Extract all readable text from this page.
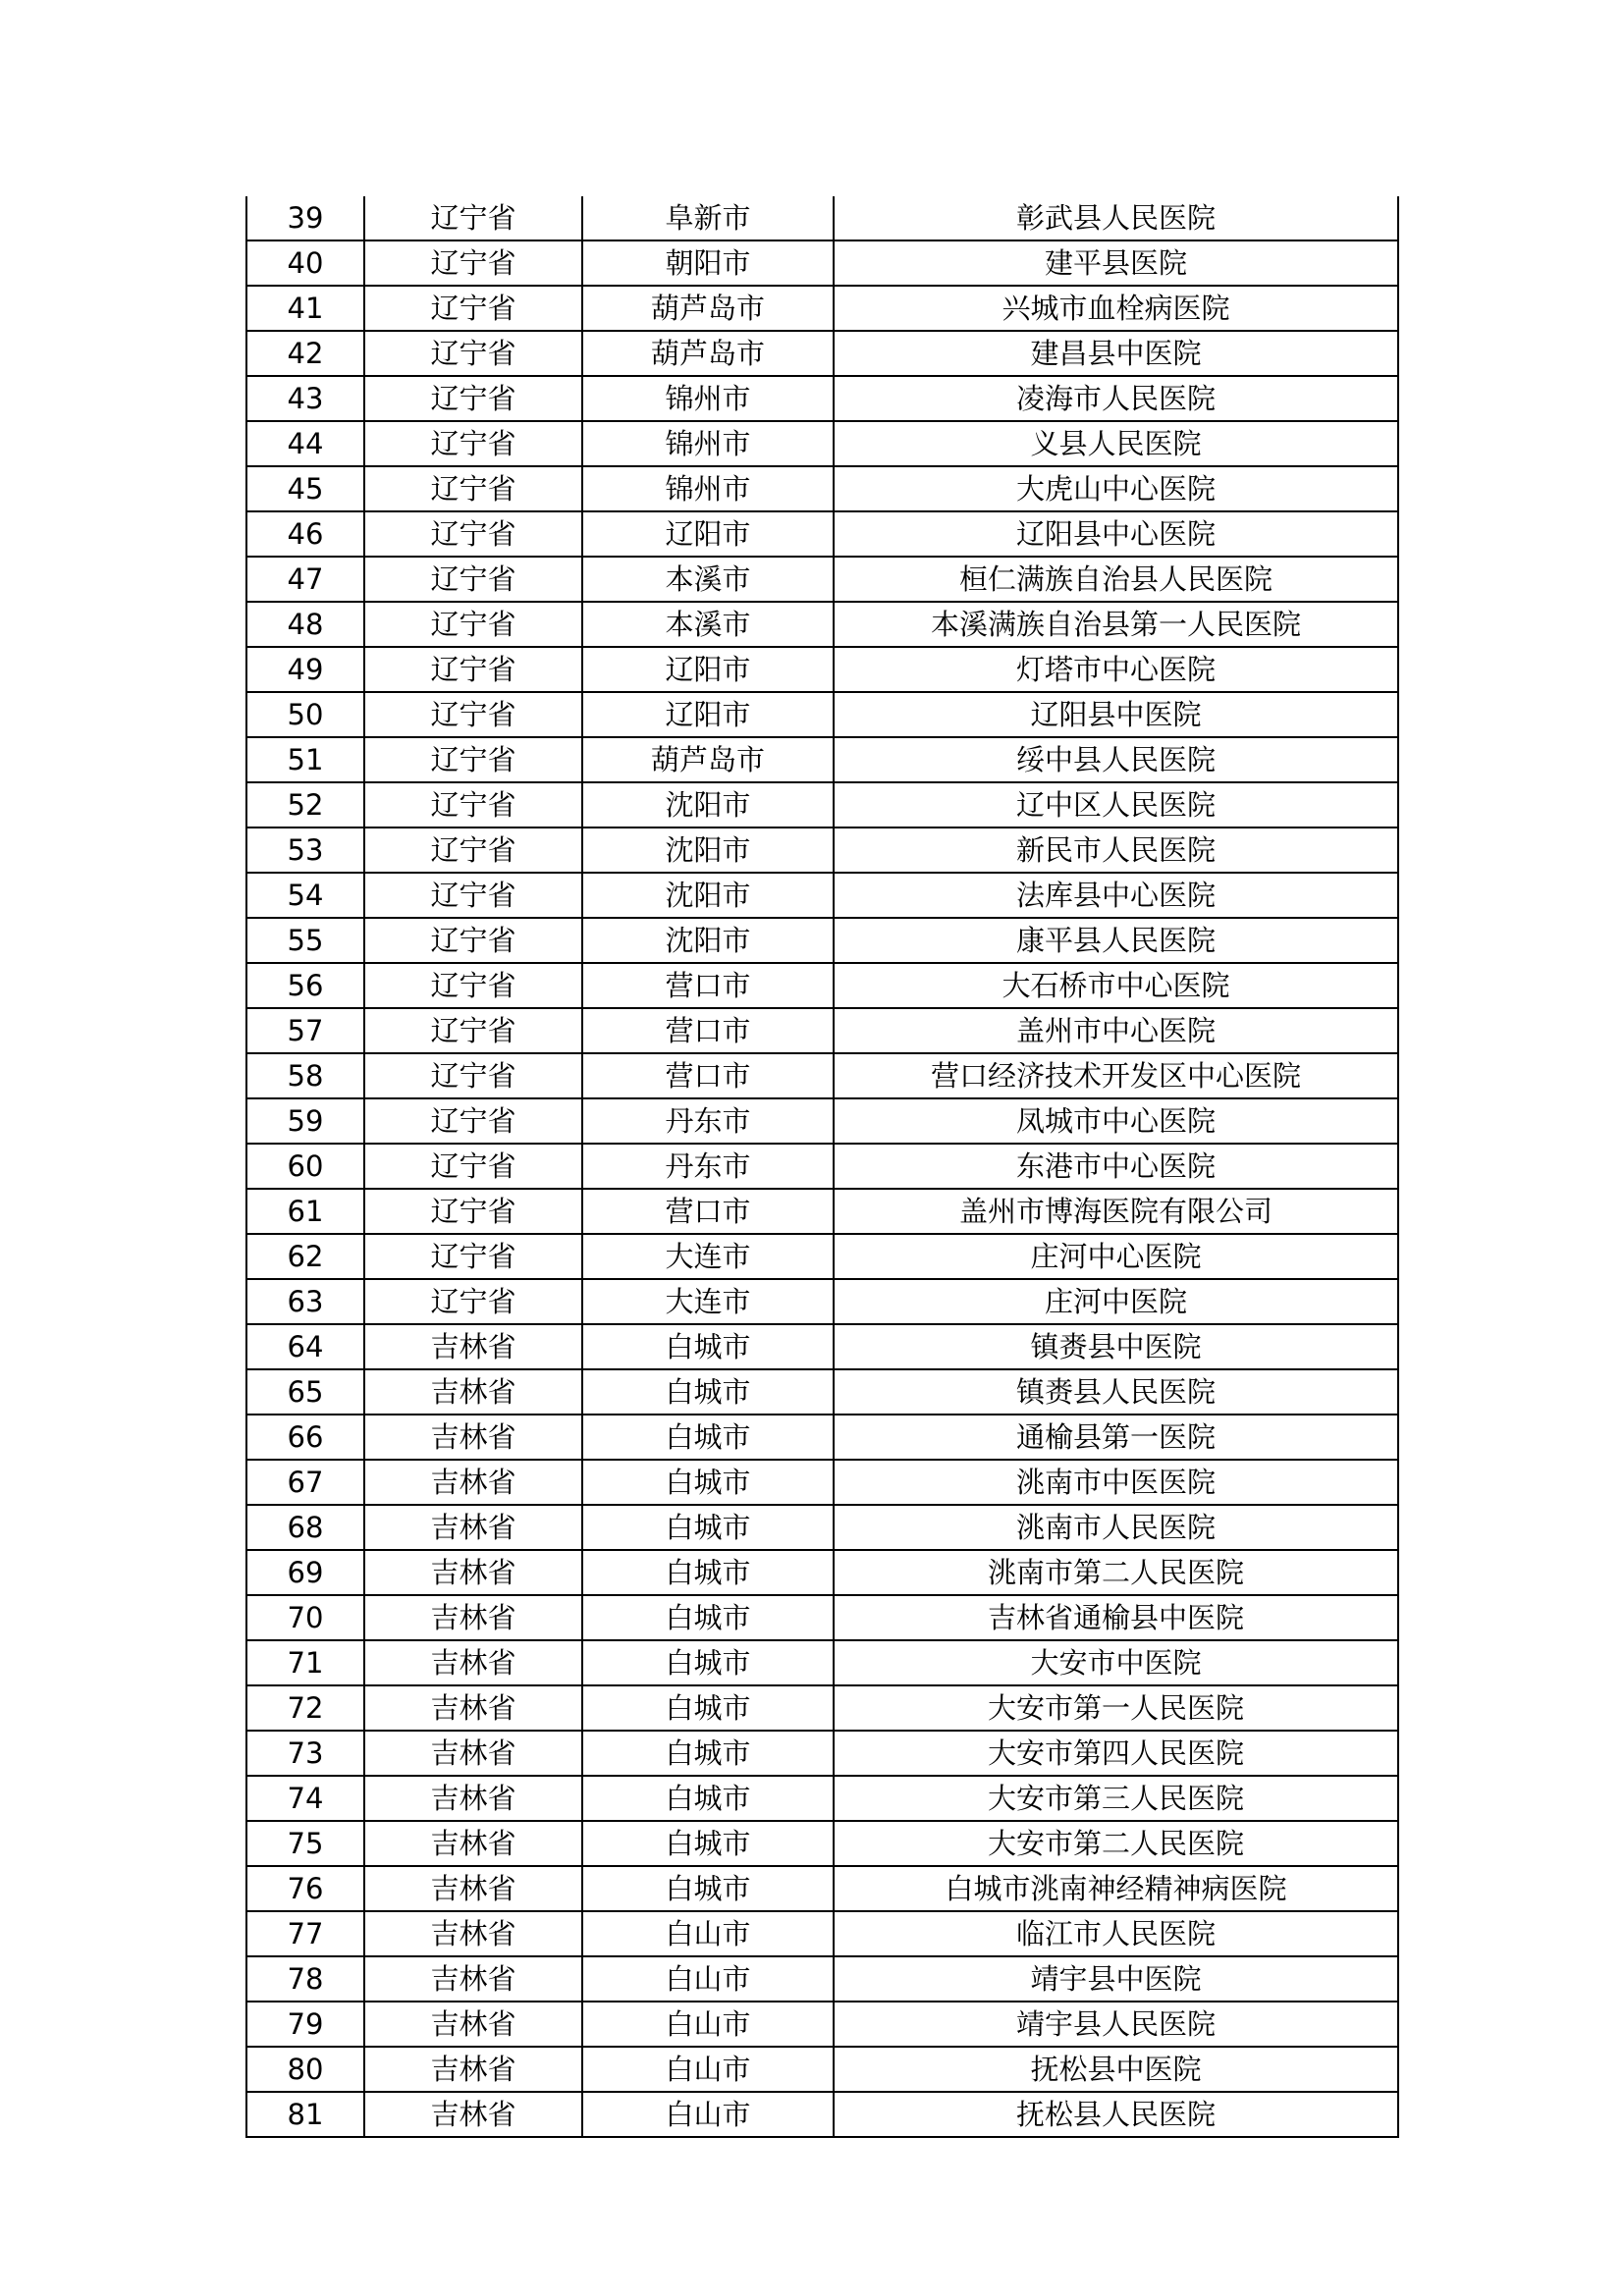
39	辽宁省	阜新市	彰武县人民医院
40	辽宁省	朝阳市	建平县医院
41	辽宁省	葫芦岛市	兴城市血栓病医院
42	辽宁省	葫芦岛市	建昌县中医院
43	辽宁省	锦州市	凌海市人民医院
44	辽宁省	锦州市	义县人民医院
45	辽宁省	锦州市	大虎山中心医院
46	辽宁省	辽阳市	辽阳县中心医院
47	辽宁省	本溪市	桓仁满族自治县人民医院
48	辽宁省	本溪市	本溪满族自治县第一人民医院
49	辽宁省	辽阳市	灯塔市中心医院
50	辽宁省	辽阳市	辽阳县中医院
51	辽宁省	葫芦岛市	绥中县人民医院
52	辽宁省	沈阳市	辽中区人民医院
53	辽宁省	沈阳市	新民市人民医院
54	辽宁省	沈阳市	法库县中心医院
55	辽宁省	沈阳市	康平县人民医院
56	辽宁省	营口市	大石桥市中心医院
57	辽宁省	营口市	盖州市中心医院
58	辽宁省	营口市	营口经济技术开发区中心医院
59	辽宁省	丹东市	凤城市中心医院
60	辽宁省	丹东市	东港市中心医院
61	辽宁省	营口市	盖州市博海医院有限公司
62	辽宁省	大连市	庄河中心医院
63	辽宁省	大连市	庄河中医院
64	吉林省	白城市	镇赉县中医院
65	吉林省	白城市	镇赉县人民医院
66	吉林省	白城市	通榆县第一医院
67	吉林省	白城市	洮南市中医医院
68	吉林省	白城市	洮南市人民医院
69	吉林省	白城市	洮南市第二人民医院
70	吉林省	白城市	吉林省通榆县中医院
71	吉林省	白城市	大安市中医院
72	吉林省	白城市	大安市第一人民医院
73	吉林省	白城市	大安市第四人民医院
74	吉林省	白城市	大安市第三人民医院
75	吉林省	白城市	大安市第二人民医院
76	吉林省	白城市	白城市洮南神经精神病医院
77	吉林省	白山市	临江市人民医院
78	吉林省	白山市	靖宇县中医院
79	吉林省	白山市	靖宇县人民医院
80	吉林省	白山市	抚松县中医院
81	吉林省	白山市	抚松县人民医院
